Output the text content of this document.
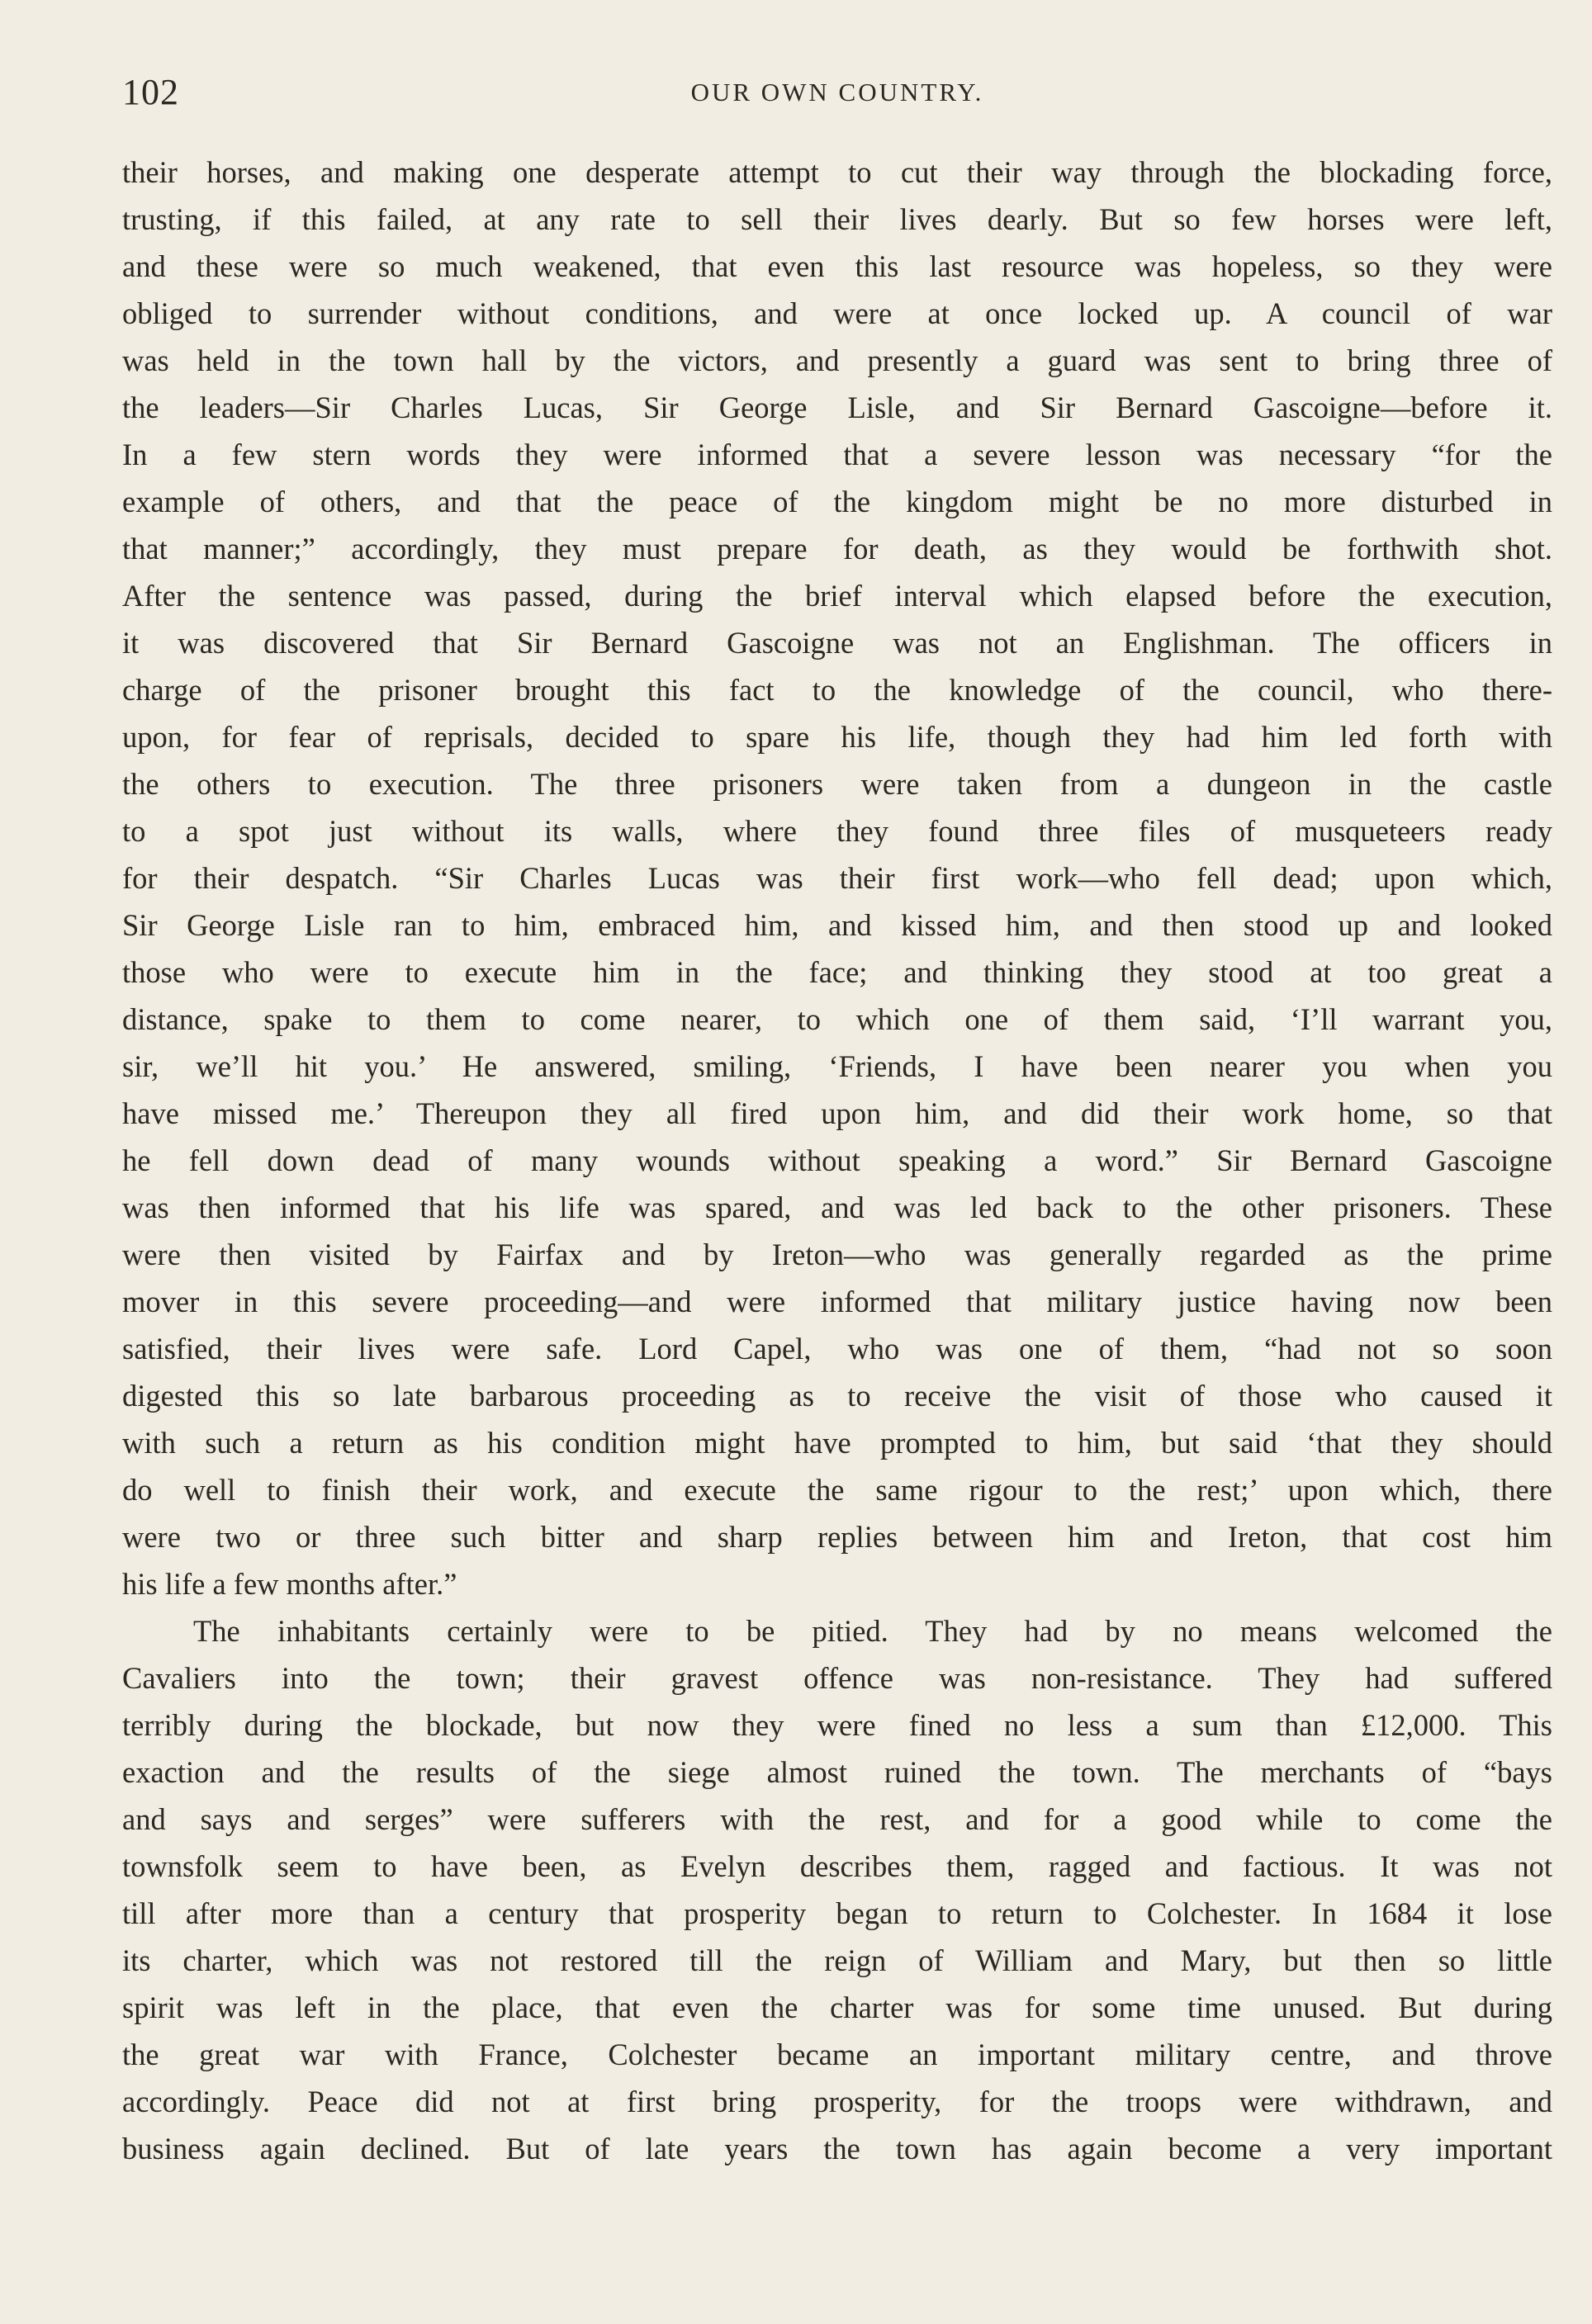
102	OUR OWN COUNTRY.
their horses, and making one desperate attempt to cut their way through the blockading force,
trusting, if this failed, at any rate to sell their lives dearly. But so few horses were left,
and these were so much weakened, that even this last resource was hopeless, so they were
obliged to surrender without conditions, and were at once locked up. A council of war
was held in the town hall by the victors, and presently a guard was sent to bring three of
the leaders—Sir Charles Lucas, Sir George Lisle, and Sir Bernard Gascoigne—before it.
In a few stern words they were informed that a severe lesson was necessary “for the
example of others, and that the peace of the kingdom might be no more disturbed in
that manner;” accordingly, they must prepare for death, as they would be forthwith shot.
After the sentence was passed, during the brief interval which elapsed before the execution,
it was discovered that Sir Bernard Gascoigne was not an Englishman. The officers in
charge of the prisoner brought this fact to the knowledge of the council, who there-
upon, for fear of reprisals, decided to spare his life, though they had him led forth with
the others to execution. The three prisoners were taken from a dungeon in the castle
to a spot just without its walls, where they found three files of musqueteers ready
for their despatch. “Sir Charles Lucas was their first work—who fell dead; upon which,
Sir George Lisle ran to him, embraced him, and kissed him, and then stood up and looked
those who were to execute him in the face; and thinking they stood at too great a
distance, spake to them to come nearer, to which one of them said, ‘I’ll warrant you,
sir, we’ll hit you.’ He answered, smiling, ‘Friends, I have been nearer you when you
have missed me.’ Thereupon they all fired upon him, and did their work home, so that
he fell down dead of many wounds without speaking a word.” Sir Bernard Gascoigne
was then informed that his life was spared, and was led back to the other prisoners. These
were then visited by Fairfax and by Ireton—who was generally regarded as the prime
mover in this severe proceeding—and were informed that military justice having now been
satisfied, their lives were safe. Lord Capel, who was one of them, “had not so soon
digested this so late barbarous proceeding as to receive the visit of those who caused it
with such a return as his condition might have prompted to him, but said ‘that they should
do well to finish their work, and execute the same rigour to the rest;’ upon which, there
were two or three such bitter and sharp replies between him and Ireton, that cost him
his life a few months after.”
The inhabitants certainly were to be pitied. They had by no means welcomed the
Cavaliers into the town; their gravest offence was non-resistance. They had suffered
terribly during the blockade, but now they were fined no less a sum than £12,000. This
exaction and the results of the siege almost ruined the town. The merchants of “bays
and says and serges” were sufferers with the rest, and for a good while to come the
townsfolk seem to have been, as Evelyn describes them, ragged and factious. It was not
till after more than a century that prosperity began to return to Colchester. In 1684 it lose
its charter, which was not restored till the reign of William and Mary, but then so little
spirit was left in the place, that even the charter was for some time unused. But during
the great war with France, Colchester became an important military centre, and throve
accordingly. Peace did not at first bring prosperity, for the troops were withdrawn, and
business again declined. But of late years the town has again become a very important
